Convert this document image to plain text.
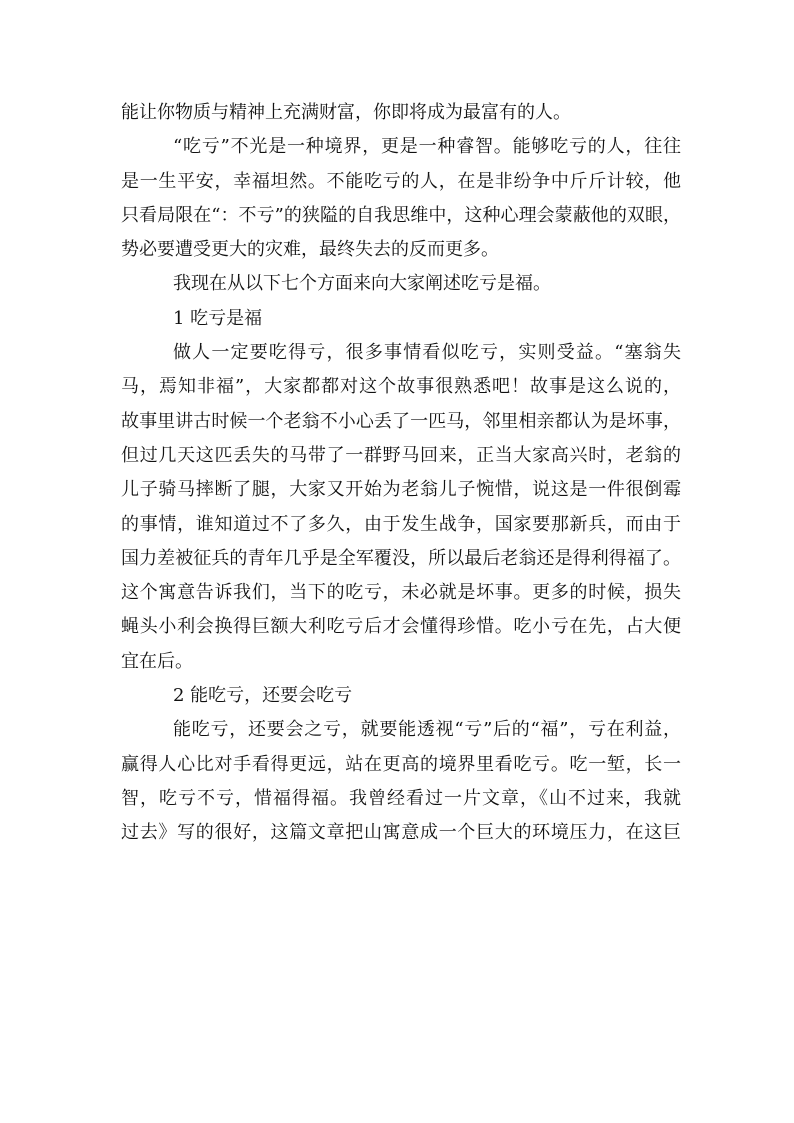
能让你物质与精神上充满财富，你即将成为最富有的人。
“吃亏”不光是一种境界，更是一种睿智。能够吃亏的人，往往
是一生平安，幸福坦然。不能吃亏的人，在是非纷争中斤斤计较，他
只看局限在“：不亏”的狭隘的自我思维中，这种心理会蒙蔽他的双眼，
势必要遭受更大的灾难，最终失去的反而更多。
我现在从以下七个方面来向大家阐述吃亏是福。
1 吃亏是福
做人一定要吃得亏，很多事情看似吃亏，实则受益。“塞翁失
马，焉知非福”，大家都都对这个故事很熟悉吧！故事是这么说的，
故事里讲古时候一个老翁不小心丢了一匹马，邻里相亲都认为是坏事，
但过几天这匹丢失的马带了一群野马回来，正当大家高兴时，老翁的
儿子骑马摔断了腿，大家又开始为老翁儿子惋惜，说这是一件很倒霉
的事情，谁知道过不了多久，由于发生战争，国家要那新兵，而由于
国力差被征兵的青年几乎是全军覆没，所以最后老翁还是得利得福了。
这个寓意告诉我们，当下的吃亏，未必就是坏事。更多的时候，损失
蝇头小利会换得巨额大利吃亏后才会懂得珍惜。吃小亏在先，占大便
宜在后。
2 能吃亏，还要会吃亏
能吃亏，还要会之亏，就要能透视“亏”后的“福”，亏在利益，
赢得人心比对手看得更远，站在更高的境界里看吃亏。吃一堑，长一
智，吃亏不亏，惜福得福。我曾经看过一片文章，《山不过来，我就
过去》写的很好，这篇文章把山寓意成一个巨大的环境压力，在这巨
